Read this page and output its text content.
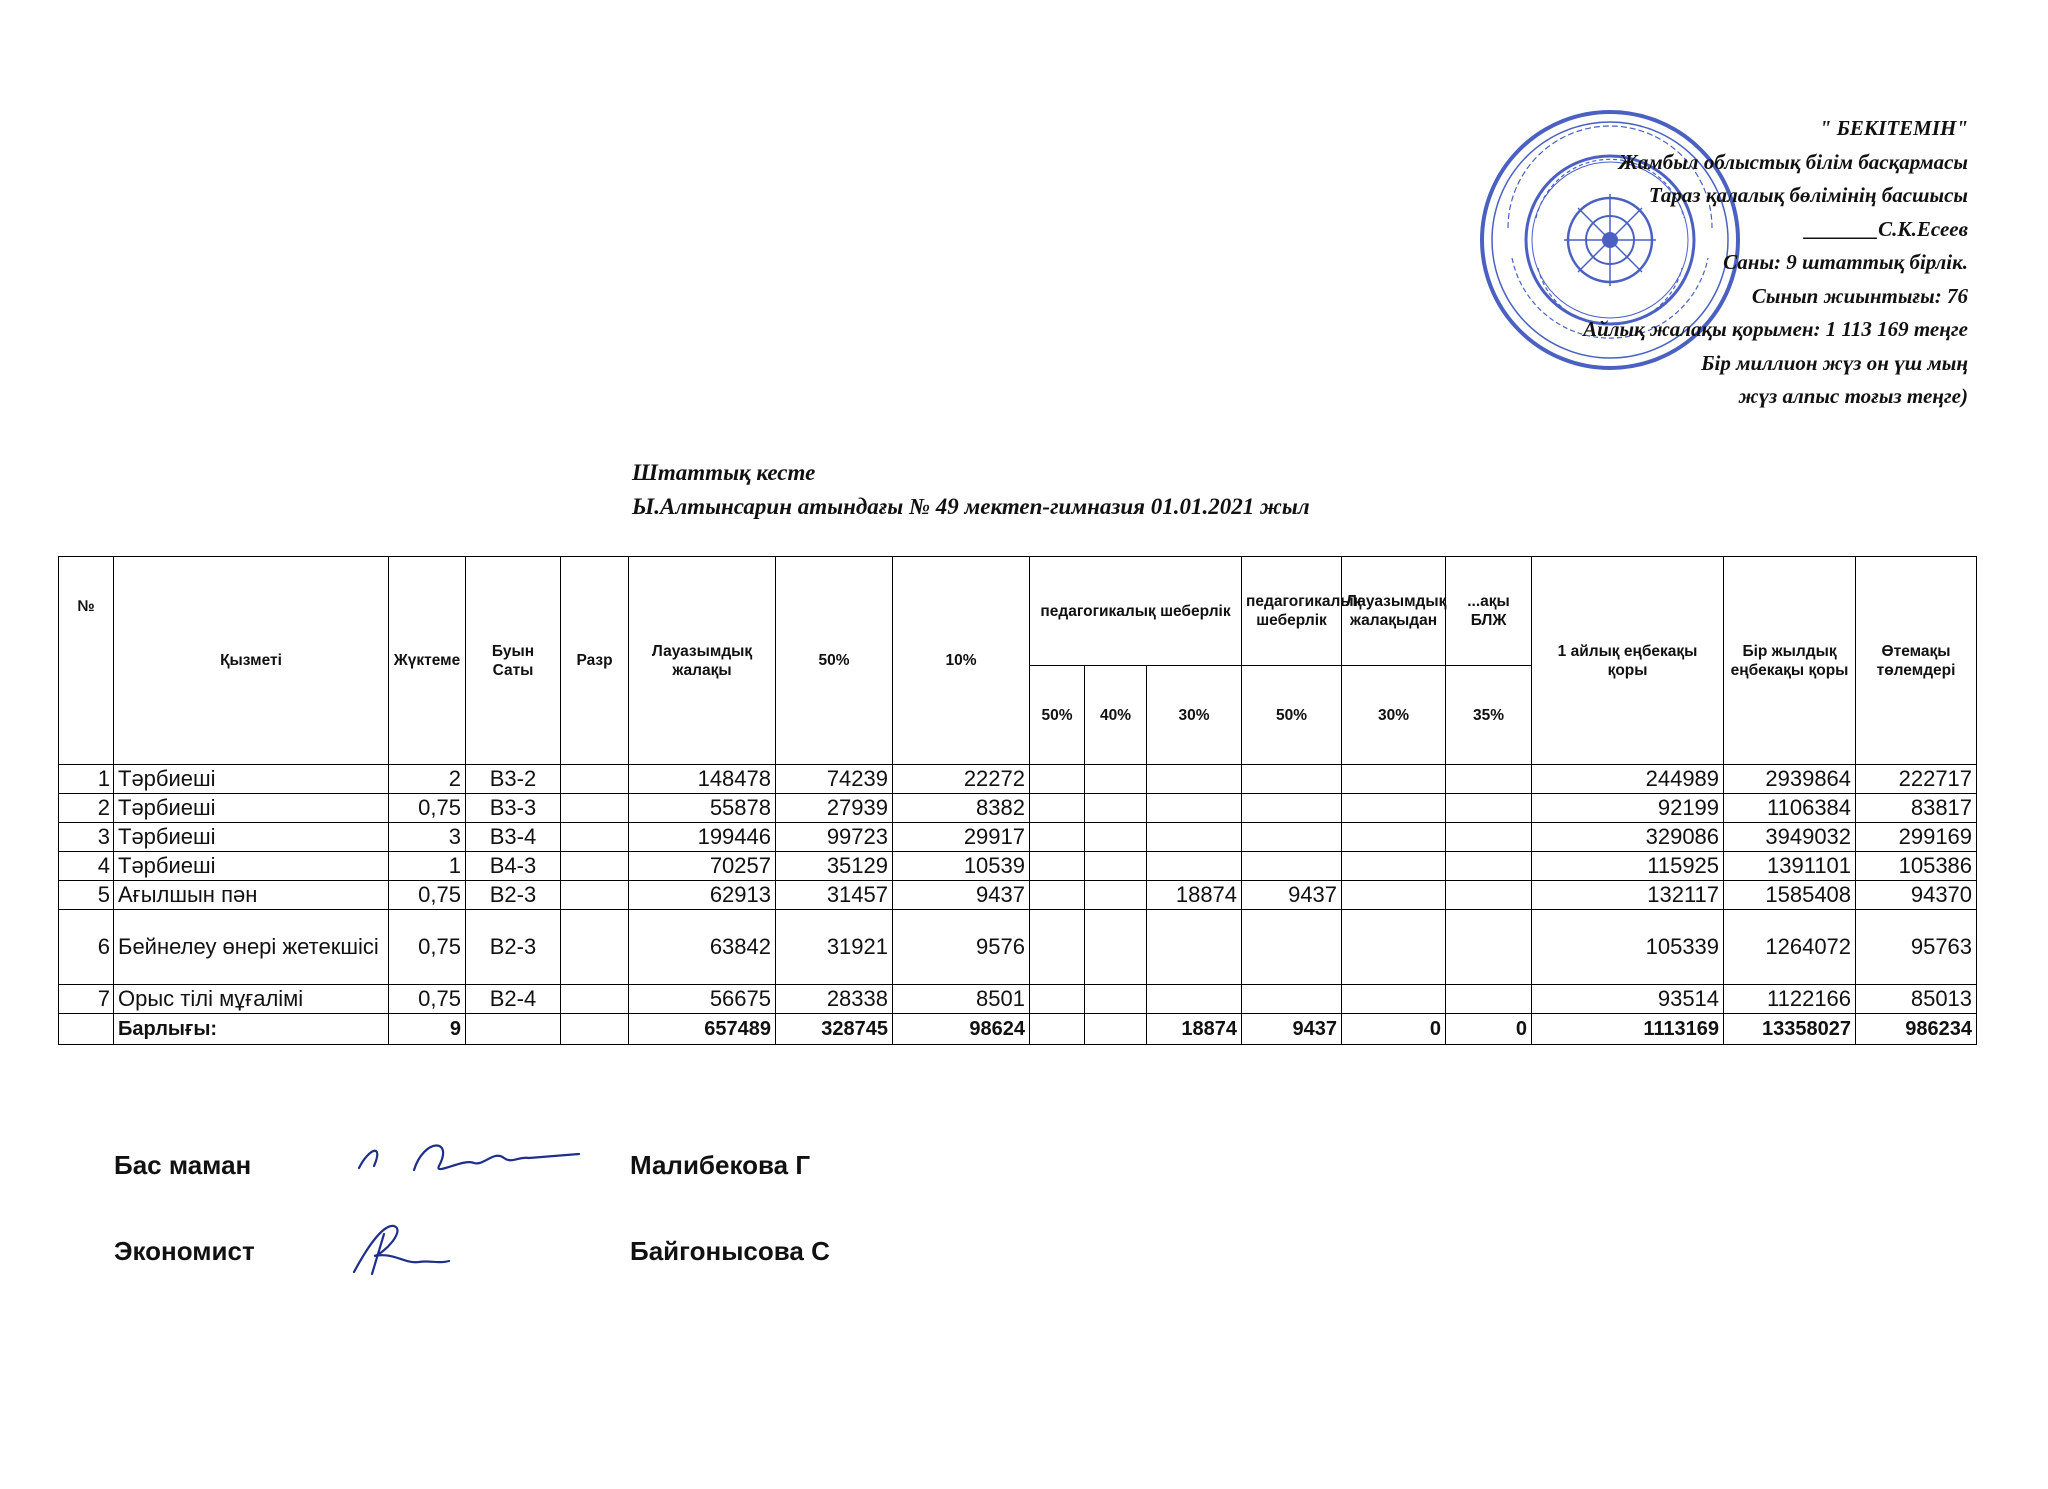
" БЕКІТЕМІН"
Жамбыл облыстық білім басқармасы
Тараз қалалық бөлімінің басшысы
_______С.К.Есеев
Саны: 9 штаттық бірлік.
Сынып жиынтығы: 76
Айлық жалақы қорымен: 1 113 169 теңге
Бір миллион жүз он үш мың
жүз алпыс тоғыз теңге)
Штаттық кесте
Ы.Алтынсарин атындағы № 49 мектеп-гимназия 01.01.2021 жыл
№	Қызметі	Жүктеме	Буын Саты	Разр	Лауазымдық жалақы	50%	10%	педагогикалық шеберлік			педагогикалық шеберлік	Лауазымдық жалақыдан	...ақы БЛЖ	1 айлық еңбекақы қоры	Бір жылдық еңбекақы қоры	Өтемақы төлемдері
								50%	40%	30%	50%	30%	35%			
1	Тәрбиеші	2	В3-2		148478	74239	22272							244989	2939864	222717
2	Тәрбиеші	0,75	В3-3		55878	27939	8382							92199	1106384	83817
3	Тәрбиеші	3	В3-4		199446	99723	29917							329086	3949032	299169
4	Тәрбиеші	1	В4-3		70257	35129	10539							115925	1391101	105386
5	Ағылшын пән	0,75	В2-3		62913	31457	9437			18874	9437			132117	1585408	94370
6	Бейнелеу өнері жетекшісі	0,75	В2-3		63842	31921	9576							105339	1264072	95763
7	Орыс тілі мұғалімі	0,75	В2-4		56675	28338	8501							93514	1122166	85013
	Барлығы:	9			657489	328745	98624			18874	9437	0	0	1113169	13358027	986234
Бас маман	Малибекова Г
Экономист	Байгонысова С
